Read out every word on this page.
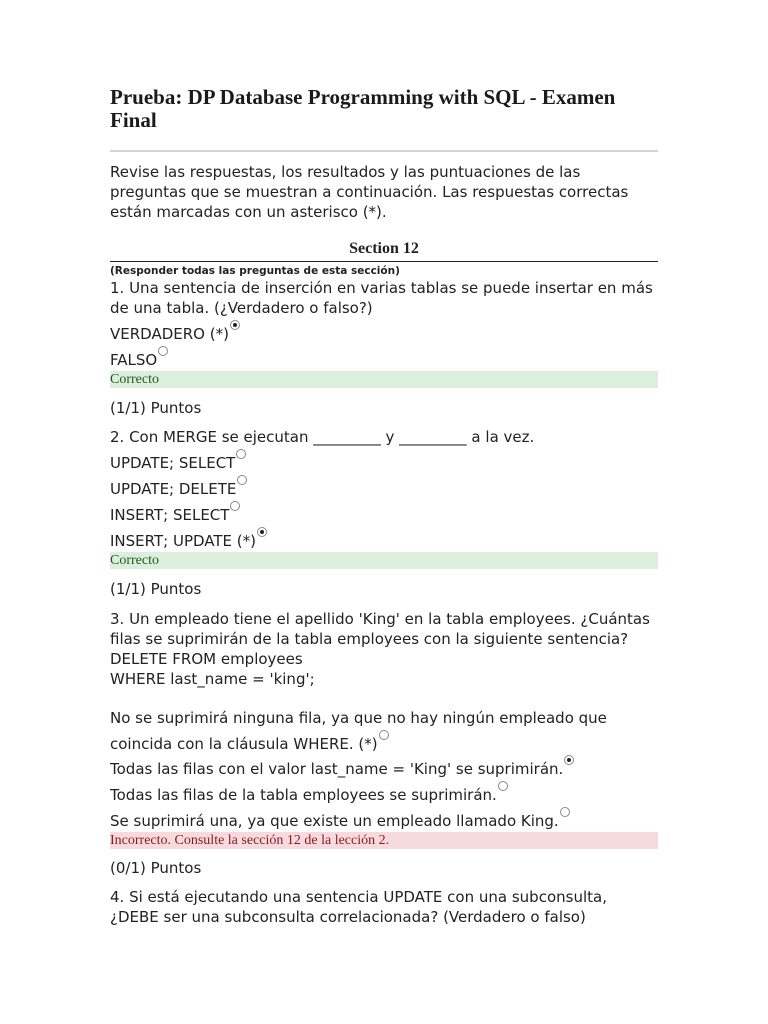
Prueba: DP Database Programming with SQL - Examen Final
Revise las respuestas, los resultados y las puntuaciones de las preguntas que se muestran a continuación. Las respuestas correctas están marcadas con un asterisco (*).
Section 12
(Responder todas las preguntas de esta sección)
1. Una sentencia de inserción en varias tablas se puede insertar en más de una tabla. (¿Verdadero o falso?)
VERDADERO (*)
FALSO
Correcto
(1/1) Puntos
2. Con MERGE se ejecutan _________ y _________ a la vez.
UPDATE; SELECT
UPDATE; DELETE
INSERT; SELECT
INSERT; UPDATE (*)
Correcto
(1/1) Puntos
3. Un empleado tiene el apellido 'King' en la tabla employees. ¿Cuántas filas se suprimirán de la tabla employees con la siguiente sentencia?
DELETE FROM employees
WHERE last_name = 'king';
No se suprimirá ninguna fila, ya que no hay ningún empleado que coincida con la cláusula WHERE. (*)
Todas las filas con el valor last_name = 'King' se suprimirán.
Todas las filas de la tabla employees se suprimirán.
Se suprimirá una, ya que existe un empleado llamado King.
Incorrecto. Consulte la sección 12 de la lección 2.
(0/1) Puntos
4. Si está ejecutando una sentencia UPDATE con una subconsulta, ¿DEBE ser una subconsulta correlacionada? (Verdadero o falso)
